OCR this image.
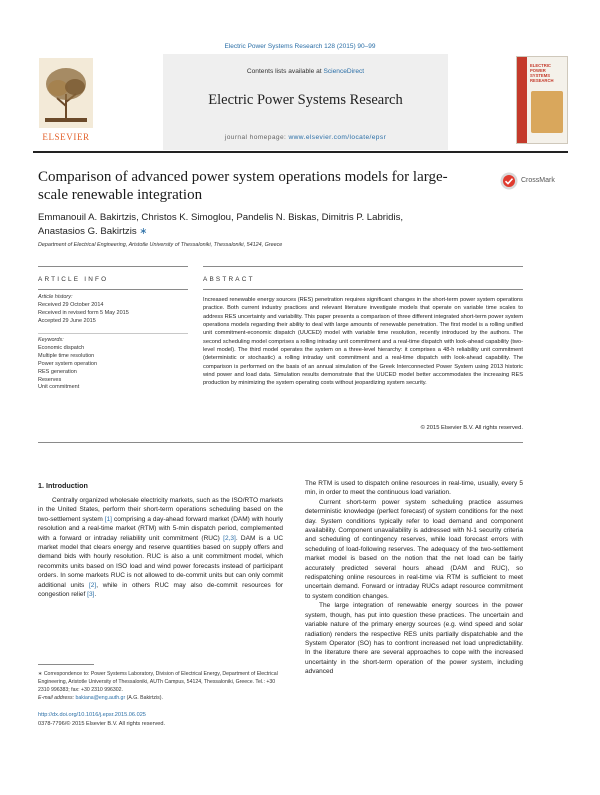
Electric Power Systems Research 128 (2015) 90–99
ELSEVIER
Contents lists available at ScienceDirect
Electric Power Systems Research
journal homepage: www.elsevier.com/locate/epsr
ELECTRIC POWER SYSTEMS RESEARCH
Comparison of advanced power system operations models for large-scale renewable integration
CrossMark
Emmanouil A. Bakirtzis, Christos K. Simoglou, Pandelis N. Biskas, Dimitris P. Labridis,
Anastasios G. Bakirtzis ∗
Department of Electrical Engineering, Aristotle University of Thessaloniki, Thessaloniki, 54124, Greece
ARTICLE INFO	ABSTRACT
Article history:
Received 29 October 2014
Received in revised form 5 May 2015
Accepted 29 June 2015
Keywords:
Economic dispatch
Multiple time resolution
Power system operation
RES generation
Reserves
Unit commitment
Increased renewable energy sources (RES) penetration requires significant changes in the short-term power system operations practice. Both current industry practices and relevant literature investigate models that operate on variable time scales to address RES uncertainty and variability. This paper presents a comparison of three different integrated short-term power system operations models regarding their ability to deal with large amounts of renewable penetration. The first model is a rolling unified unit commitment-economic dispatch (UUCED) model with variable time resolution, recently introduced by the authors. The second scheduling model comprises a rolling intraday unit commitment and a real-time dispatch with look-ahead capability (two-level model). The third model operates the system on a three-level hierarchy: it comprises a 48-h reliability unit commitment (deterministic or stochastic) a rolling intraday unit commitment and a real-time dispatch with look-ahead capability. The comparison is performed on the basis of an annual simulation of the Greek Interconnected Power System using 2013 historic wind power and load data. Simulation results demonstrate that the UUCED model better accommodates the increasing RES production by minimizing the system operating costs without jeopardizing system security.
© 2015 Elsevier B.V. All rights reserved.
1. Introduction

Centrally organized wholesale electricity markets, such as the ISO/RTO markets in the United States, perform their short-term operations scheduling based on the two-settlement system [1] comprising a day-ahead forward market (DAM) with hourly resolution and a real-time market (RTM) with 5-min dispatch period, complemented with a forward or intraday reliability unit commitment (RUC) [2,3]. DAM is a UC market model that clears energy and reserve quantities based on supply offers and demand bids with hourly resolution. RUC is also a unit commitment model, which recommits units based on ISO load and wind power forecasts instead of participant orders. In some markets RUC is not allowed to de-commit units but can only commit additional units [2], while in others RUC may also de-commit resources for congestion relief [3].

The RTM is used to dispatch online resources in real-time, usually, every 5 min, in order to meet the continuous load variation.

Current short-term power system scheduling practice assumes deterministic knowledge (perfect forecast) of system conditions for the next day. System conditions typically refer to load demand and component availability. Component unavailability is addressed with N-1 security criteria and scheduling of contingency reserves, while load forecast errors with scheduling of load-following reserves. The adequacy of the two-settlement market model is based on the notion that the net load can be fairly accurately predicted several hours ahead (DAM and RUC), so redispatching online resources in real-time via RTM is sufficient to meet uncertain demand. Forward or intraday RUCs adapt resource commitment to system condition changes.

The large integration of renewable energy sources in the power system, though, has put into question these practices. The uncertain and variable nature of the primary energy sources (e.g. wind speed and solar radiation) renders the respective RES units partially dispatchable and the System Operator (SO) has to confront increased net load unpredictability. In the literature there are several approaches to cope with the increased uncertainty in the short-term operation of the power system, including advanced

∗ Correspondence to: Power Systems Laboratory, Division of Electrical Energy, Department of Electrical Engineering, Aristotle University of Thessaloniki, AUTh Campus, 54124, Thessaloniki, Greece. Tel.: +30 2310 996383; fax: +30 2310 996302.
E-mail address: bakiana@eng.auth.gr (A.G. Bakirtzis).
http://dx.doi.org/10.1016/j.epsr.2015.06.025
0378-7796/© 2015 Elsevier B.V. All rights reserved.
